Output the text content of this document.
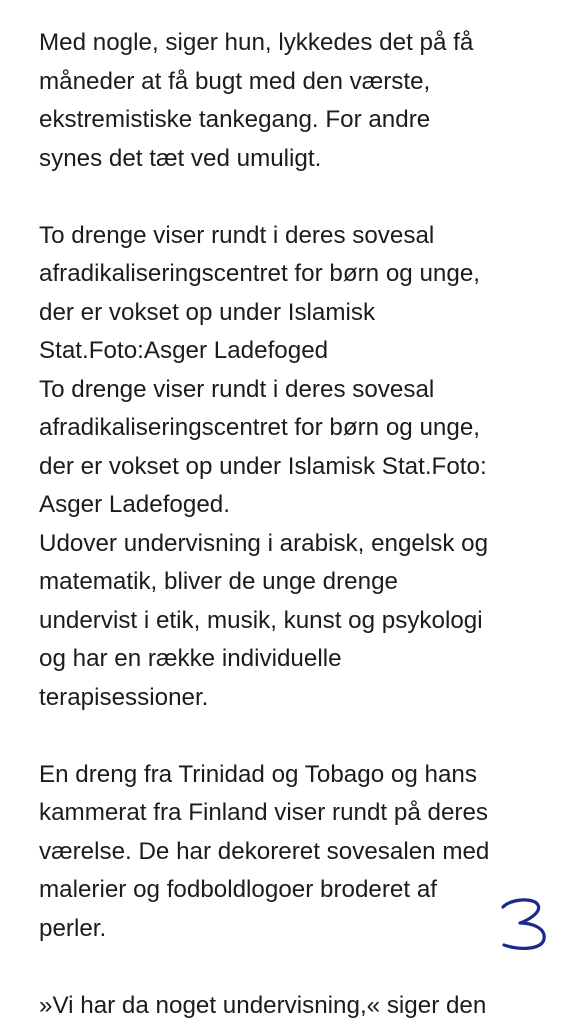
Med nogle, siger hun, lykkedes det på få
måneder at få bugt med den værste,
ekstremistiske tankegang. For andre
synes det tæt ved umuligt.
To drenge viser rundt i deres sovesal
afradikaliseringscentret for børn og unge,
der er vokset op under Islamisk
Stat.Foto:Asger Ladefoged
To drenge viser rundt i deres sovesal
afradikaliseringscentret for børn og unge,
der er vokset op under Islamisk Stat.Foto:
Asger Ladefoged.
Udover undervisning i arabisk, engelsk og
matematik, bliver de unge drenge
undervist i etik, musik, kunst og psykologi
og har en række individuelle
terapisessioner.
En dreng fra Trinidad og Tobago og hans
kammerat fra Finland viser rundt på deres
værelse. De har dekoreret sovesalen med
malerier og fodboldlogoer broderet af
perler.
»Vi har da noget undervisning,« siger den
